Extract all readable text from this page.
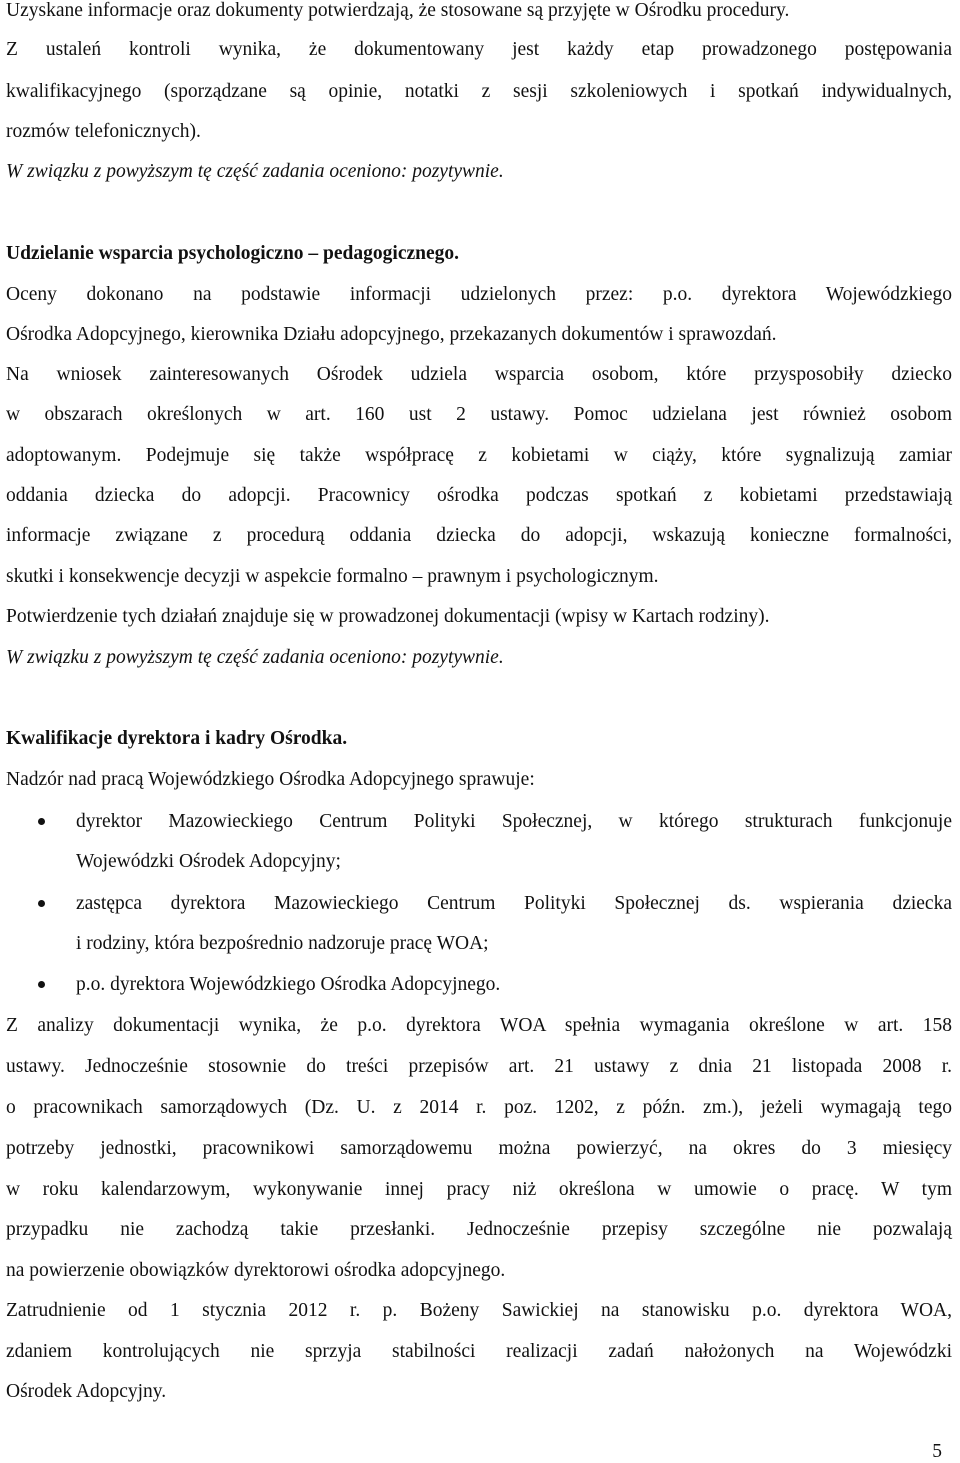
Uzyskane informacje oraz dokumenty potwierdzają, że stosowane są przyjęte w Ośrodku procedury.
Z ustaleń kontroli wynika, że dokumentowany jest każdy etap prowadzonego postępowania
kwalifikacyjnego (sporządzane są opinie, notatki z sesji szkoleniowych i spotkań indywidualnych,
rozmów telefonicznych).
W związku z powyższym tę część zadania oceniono: pozytywnie.
Udzielanie wsparcia psychologiczno – pedagogicznego.
Oceny dokonano na podstawie informacji udzielonych przez: p.o. dyrektora Wojewódzkiego
Ośrodka Adopcyjnego, kierownika Działu adopcyjnego, przekazanych dokumentów i sprawozdań.
Na wniosek zainteresowanych Ośrodek udziela wsparcia osobom, które przysposobiły dziecko
w obszarach określonych w art. 160 ust 2 ustawy. Pomoc udzielana jest również osobom
adoptowanym. Podejmuje się także współpracę z kobietami w ciąży, które sygnalizują zamiar
oddania dziecka do adopcji. Pracownicy ośrodka podczas spotkań z kobietami przedstawiają
informacje związane z procedurą oddania dziecka do adopcji, wskazują konieczne formalności,
skutki i konsekwencje decyzji w aspekcie formalno – prawnym i psychologicznym.
Potwierdzenie tych działań znajduje się w prowadzonej dokumentacji (wpisy w Kartach rodziny).
W związku z powyższym tę część zadania oceniono: pozytywnie.
Kwalifikacje dyrektora i kadry Ośrodka.
Nadzór nad pracą Wojewódzkiego Ośrodka Adopcyjnego sprawuje:
dyrektor Mazowieckiego Centrum Polityki Społecznej, w którego strukturach funkcjonuje
Wojewódzki Ośrodek Adopcyjny;
zastępca dyrektora Mazowieckiego Centrum Polityki Społecznej ds. wspierania dziecka
i rodziny, która bezpośrednio nadzoruje pracę WOA;
p.o. dyrektora Wojewódzkiego Ośrodka Adopcyjnego.
Z analizy dokumentacji wynika, że p.o. dyrektora WOA spełnia wymagania określone w art. 158
ustawy. Jednocześnie stosownie do treści przepisów art. 21 ustawy z dnia 21 listopada 2008 r.
o pracownikach samorządowych (Dz. U. z 2014 r. poz. 1202, z późn. zm.), jeżeli wymagają tego
potrzeby jednostki, pracownikowi samorządowemu można powierzyć, na okres do 3 miesięcy
w roku kalendarzowym, wykonywanie innej pracy niż określona w umowie o pracę. W tym
przypadku nie zachodzą takie przesłanki. Jednocześnie przepisy szczególne nie pozwalają
na powierzenie obowiązków dyrektorowi ośrodka adopcyjnego.
Zatrudnienie od 1 stycznia 2012 r. p. Bożeny Sawickiej na stanowisku p.o. dyrektora WOA,
zdaniem kontrolujących nie sprzyja stabilności realizacji zadań nałożonych na Wojewódzki
Ośrodek Adopcyjny.
5
